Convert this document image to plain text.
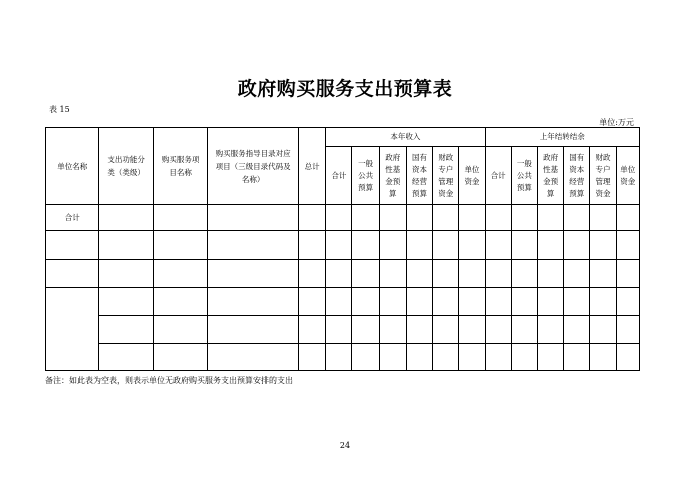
政府购买服务支出预算表
表 15
单位:万元
单位名称	支出功能分类（类级）	购买服务项目名称	购买服务指导目录对应项目（三级目录代码及名称）	总计	本年收入						上年结转结余					
					合计	一般公共预算	政府性基金预算	国有资本经营预算	财政专户管理资金	单位资金	合计	一般公共预算	政府性基金预算	国有资本经营预算	财政专户管理资金	单位资金
合计																

备注：如此表为空表，则表示单位无政府购买服务支出预算安排的支出
24
